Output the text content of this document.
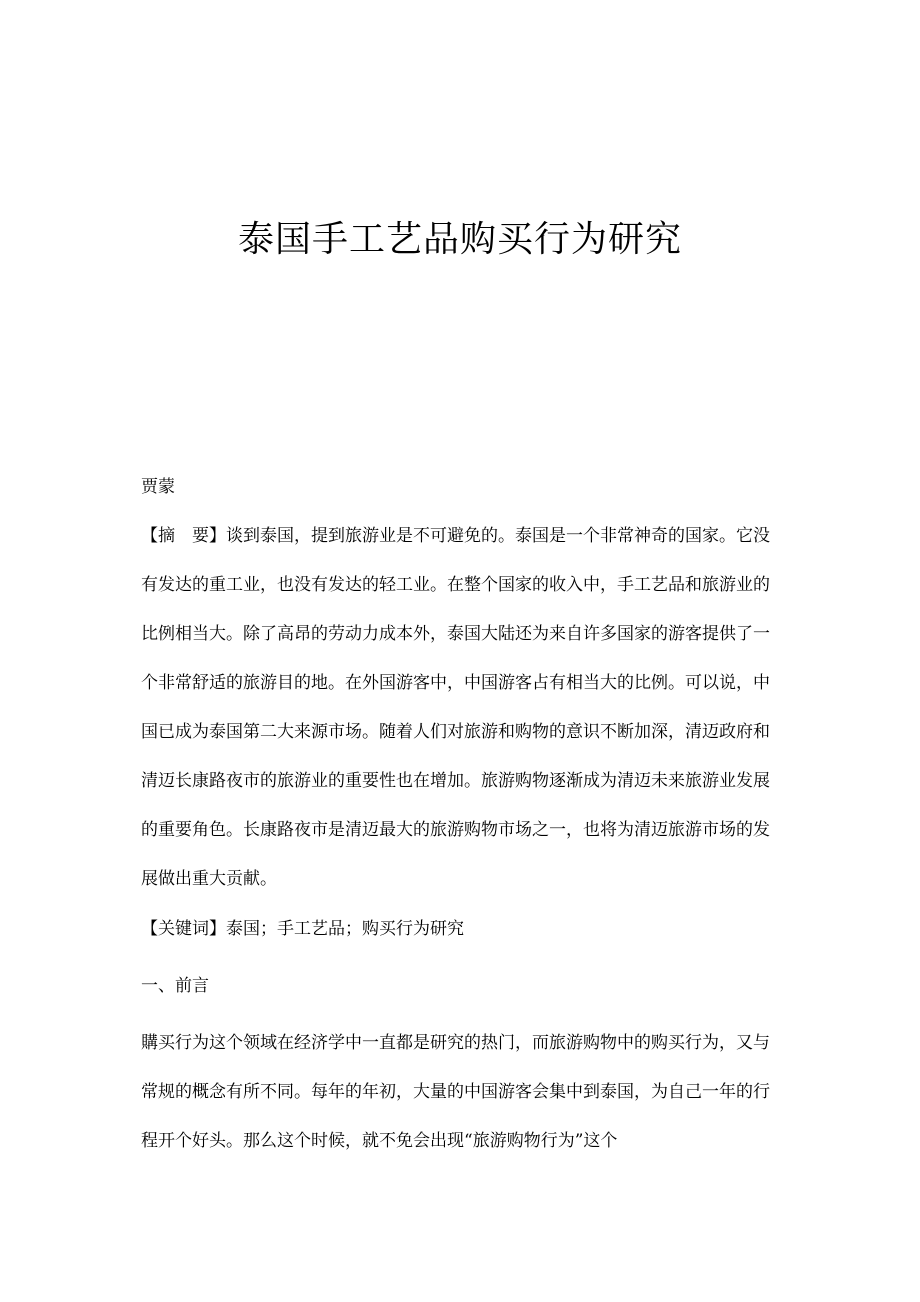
泰国手工艺品购买行为研究

贾蒙

【摘　要】谈到泰国，提到旅游业是不可避免的。泰国是一个非常神奇的国家。它没有发达的重工业，也没有发达的轻工业。在整个国家的收入中，手工艺品和旅游业的比例相当大。除了高昂的劳动力成本外，泰国大陆还为来自许多国家的游客提供了一个非常舒适的旅游目的地。在外国游客中，中国游客占有相当大的比例。可以说，中国已成为泰国第二大来源市场。随着人们对旅游和购物的意识不断加深，清迈政府和清迈长康路夜市的旅游业的重要性也在增加。旅游购物逐渐成为清迈未来旅游业发展的重要角色。长康路夜市是清迈最大的旅游购物市场之一，也将为清迈旅游市场的发展做出重大贡献。

【关键词】泰国；手工艺品；购买行为研究

一、前言

購买行为这个领域在经济学中一直都是研究的热门，而旅游购物中的购买行为，又与常规的概念有所不同。每年的年初，大量的中国游客会集中到泰国，为自己一年的行程开个好头。那么这个时候，就不免会出现“旅游购物行为”这个
